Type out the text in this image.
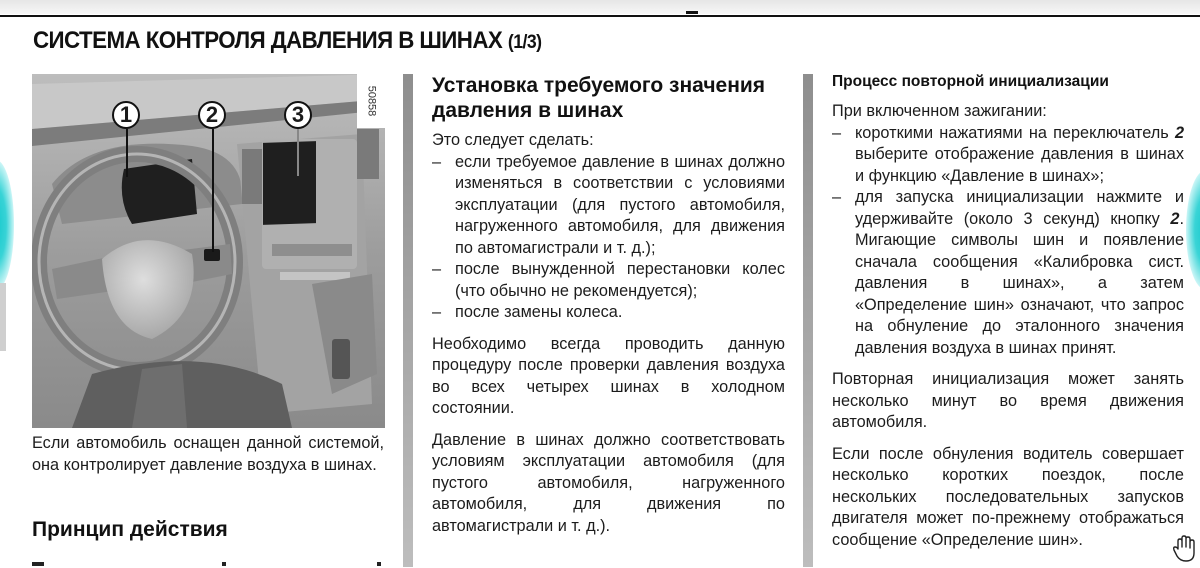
СИСТЕМА КОНТРОЛЯ ДАВЛЕНИЯ В ШИНАХ (1/3)
1	2	3	50858

Если автомобиль оснащен данной системой, она контролирует давление воздуха в шинах.

Принцип действия
Установка требуемого значения давления в шинах

Это следует сделать:

– если требуемое давление в шинах должно изменяться в соответствии с условиями эксплуатации (для пустого автомобиля, нагруженного автомобиля, для движения по автомагистрали и т. д.);
– после вынужденной перестановки колес (что обычно не рекомендуется);
– после замены колеса.

Необходимо всегда проводить данную процедуру после проверки давления воздуха во всех четырех шинах в холодном состоянии.

Давление в шинах должно соответствовать условиям эксплуатации автомобиля (для пустого автомобиля, нагруженного автомобиля, для движения по автомагистрали и т. д.).

Процесс повторной инициализации

При включенном зажигании:

– короткими нажатиями на переключатель 2 выберите отображение давления в шинах и функцию «Давление в шинах»;
– для запуска инициализации нажмите и удерживайте (около 3 секунд) кнопку 2. Мигающие символы шин и появление сначала сообщения «Калибровка сист. давления в шинах», а затем «Определение шин» означают, что запрос на обнуление до эталонного значения давления воздуха в шинах принят.

Повторная инициализация может занять несколько минут во время движения автомобиля.

Если после обнуления водитель совершает несколько коротких поездок, после нескольких последовательных запусков двигателя может по-прежнему отображаться сообщение «Определение шин».
